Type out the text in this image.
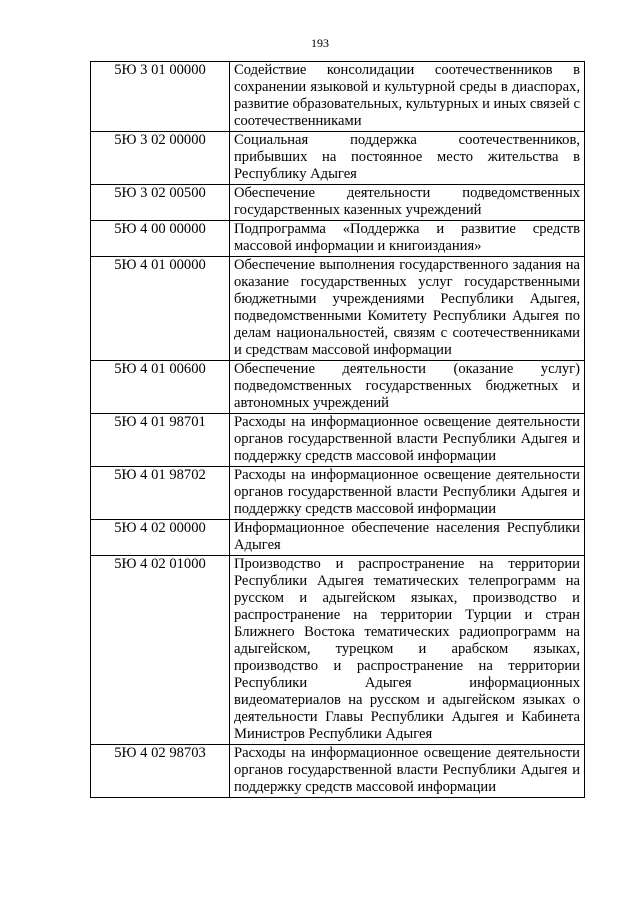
193
5Ю 3 01 00000	Содействие консолидации соотечественников в сохранении языковой и культурной среды в диаспорах, развитие образовательных, культурных и иных связей с соотечественниками
5Ю 3 02 00000	Социальная поддержка соотечественников, прибывших на постоянное место жительства в Республику Адыгея
5Ю 3 02 00500	Обеспечение деятельности подведомственных государственных казенных учреждений
5Ю 4 00 00000	Подпрограмма «Поддержка и развитие средств массовой информации и книгоиздания»
5Ю 4 01 00000	Обеспечение выполнения государственного задания на оказание государственных услуг государственными бюджетными учреждениями Республики Адыгея, подведомственными Комитету Республики Адыгея по делам национальностей, связям с соотечественниками и средствам массовой информации
5Ю 4 01 00600	Обеспечение деятельности (оказание услуг) подведомственных государственных бюджетных и автономных учреждений
5Ю 4 01 98701	Расходы на информационное освещение деятельности органов государственной власти Республики Адыгея и поддержку средств массовой информации
5Ю 4 01 98702	Расходы на информационное освещение деятельности органов государственной власти Республики Адыгея и поддержку средств массовой информации
5Ю 4 02 00000	Информационное обеспечение населения Республики Адыгея
5Ю 4 02 01000	Производство и распространение на территории Республики Адыгея тематических телепрограмм на русском и адыгейском языках, производство и распространение на территории Турции и стран Ближнего Востока тематических радиопрограмм на адыгейском, турецком и арабском языках, производство и распространение на территории Республики Адыгея информационных видеоматериалов на русском и адыгейском языках о деятельности Главы Республики Адыгея и Кабинета Министров Республики Адыгея
5Ю 4 02 98703	Расходы на информационное освещение деятельности органов государственной власти Республики Адыгея и поддержку средств массовой информации
